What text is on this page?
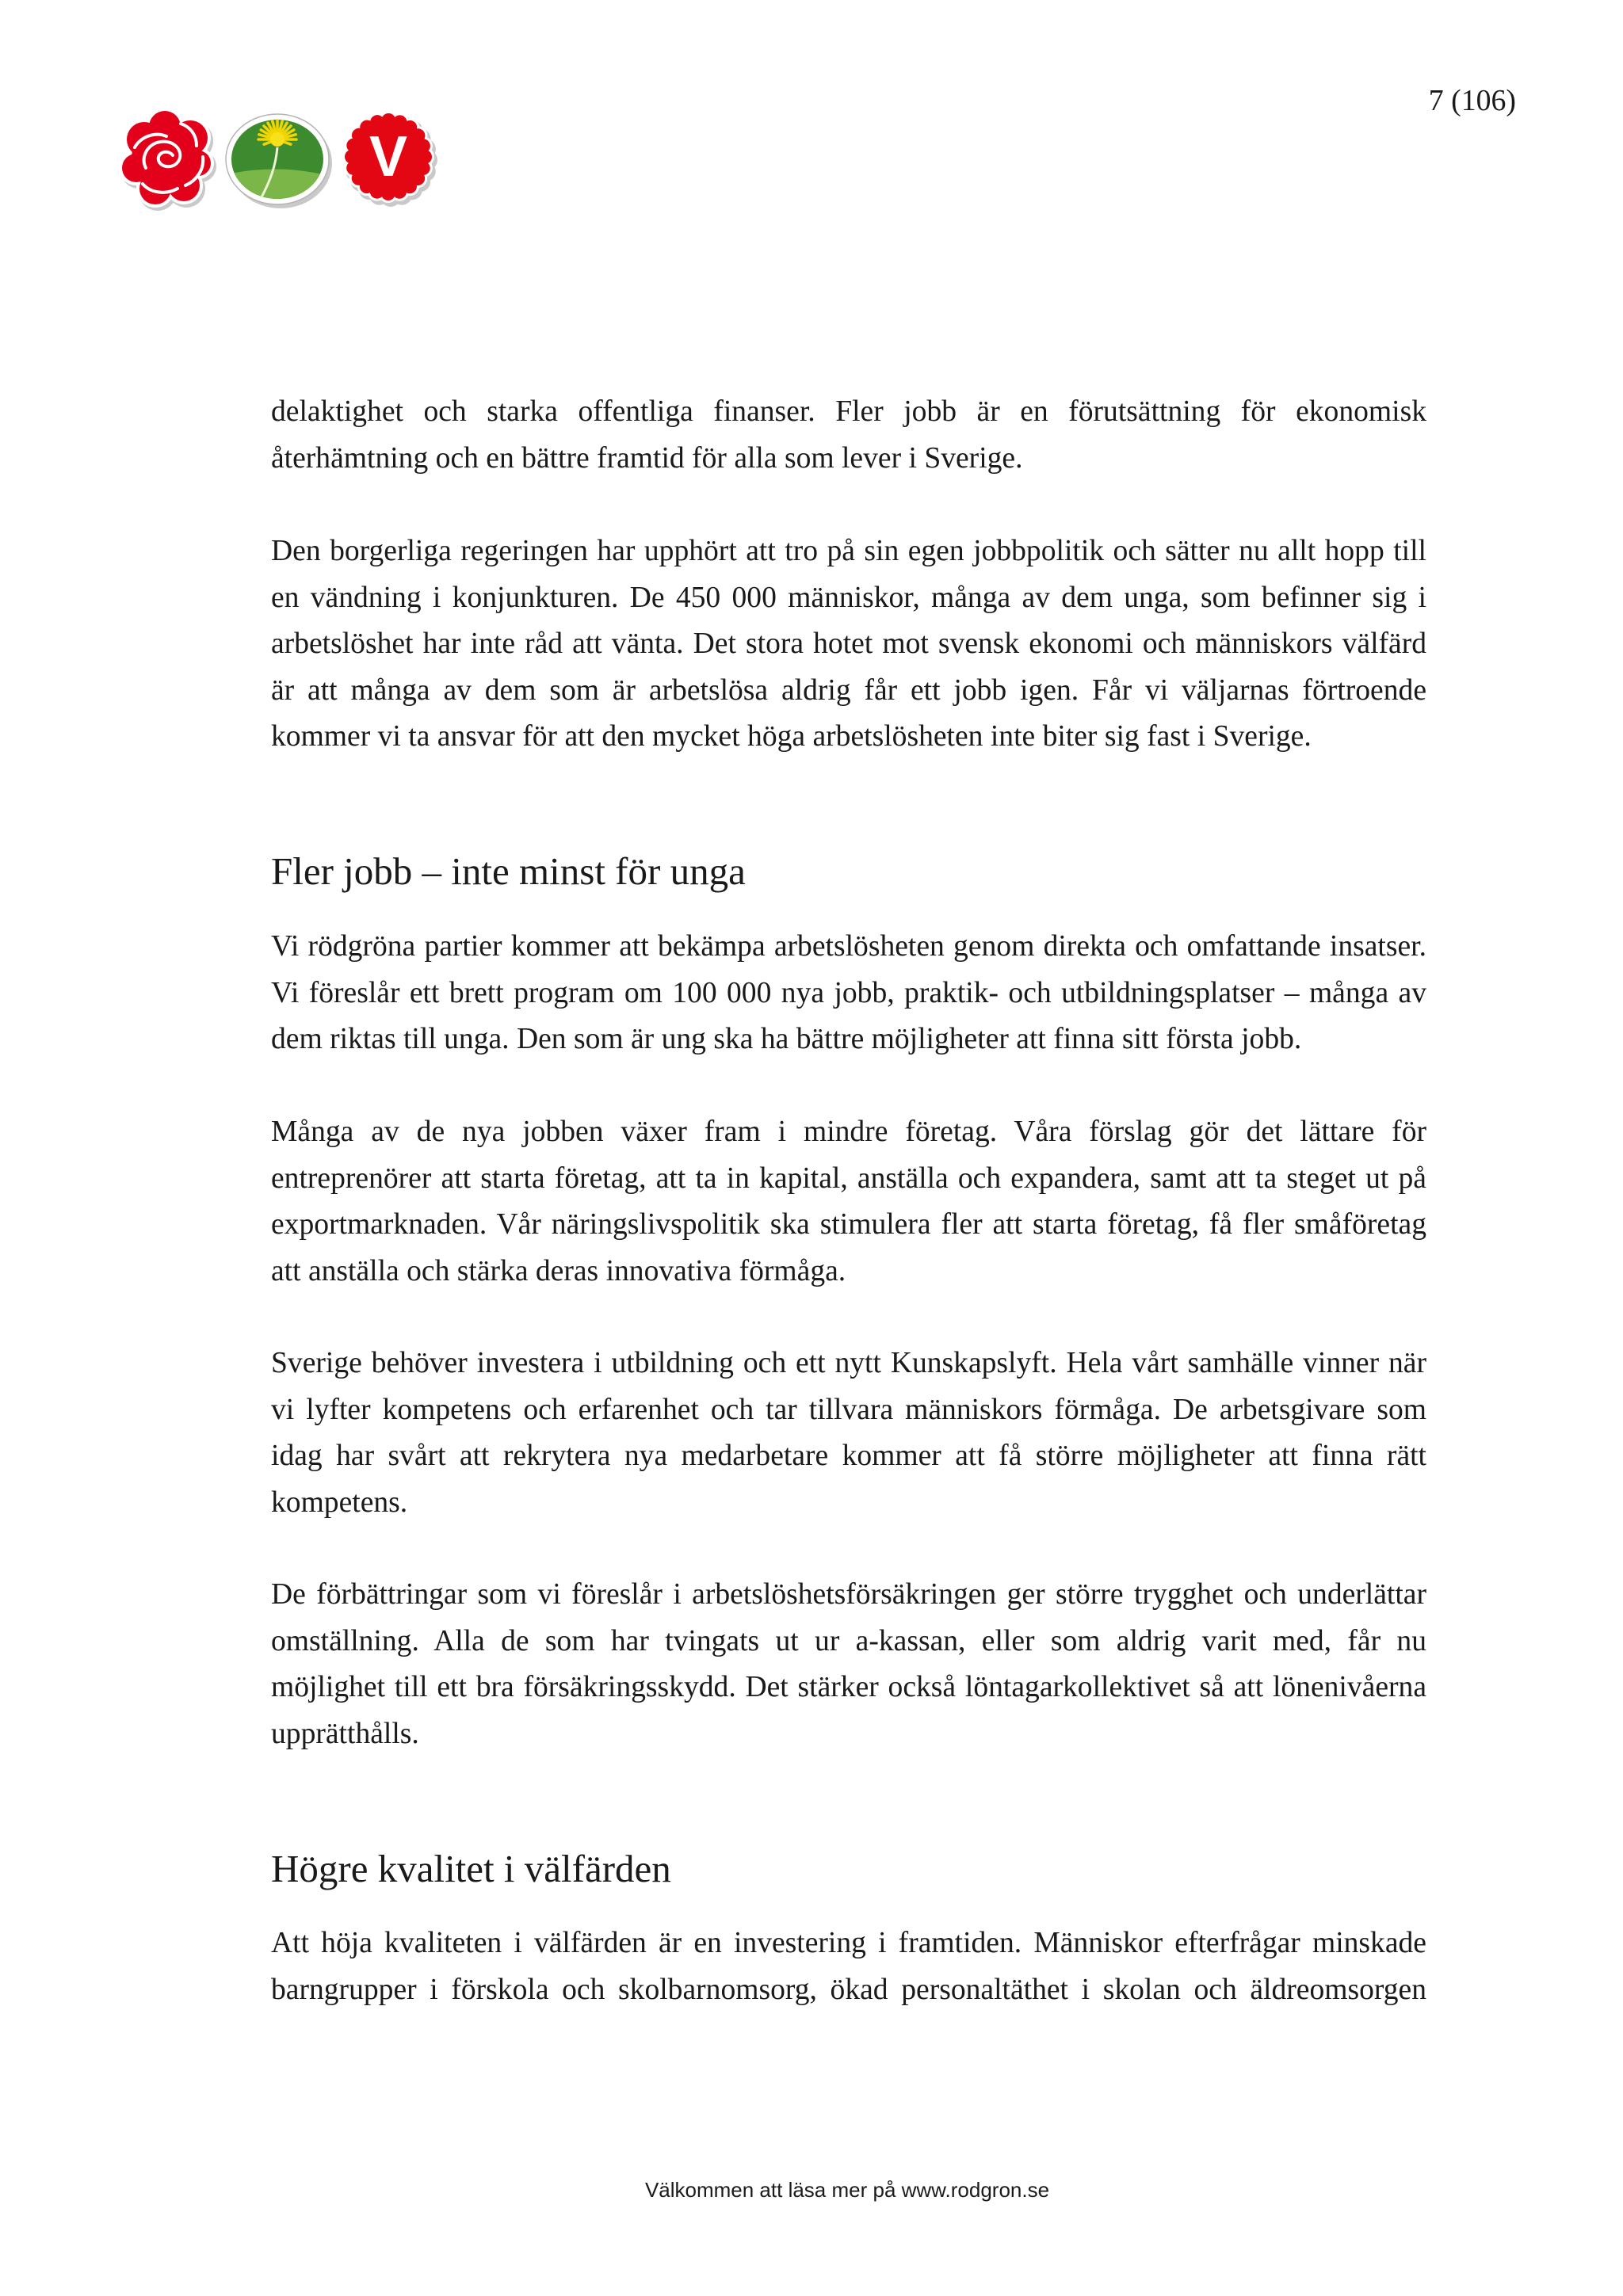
V
7 (106)
delaktighet och starka offentliga finanser. Fler jobb är en förutsättning för ekonomisk
återhämtning och en bättre framtid för alla som lever i Sverige.
Den borgerliga regeringen har upphört att tro på sin egen jobbpolitik och sätter nu allt hopp till
en vändning i konjunkturen. De 450 000 människor, många av dem unga, som befinner sig i
arbetslöshet har inte råd att vänta. Det stora hotet mot svensk ekonomi och människors välfärd
är att många av dem som är arbetslösa aldrig får ett jobb igen. Får vi väljarnas förtroende
kommer vi ta ansvar för att den mycket höga arbetslösheten inte biter sig fast i Sverige.
Fler jobb – inte minst för unga
Vi rödgröna partier kommer att bekämpa arbetslösheten genom direkta och omfattande insatser.
Vi föreslår ett brett program om 100 000 nya jobb, praktik- och utbildningsplatser – många av
dem riktas till unga. Den som är ung ska ha bättre möjligheter att finna sitt första jobb.
Många av de nya jobben växer fram i mindre företag. Våra förslag gör det lättare för
entreprenörer att starta företag, att ta in kapital, anställa och expandera, samt att ta steget ut på
exportmarknaden. Vår näringslivspolitik ska stimulera fler att starta företag, få fler småföretag
att anställa och stärka deras innovativa förmåga.
Sverige behöver investera i utbildning och ett nytt Kunskapslyft. Hela vårt samhälle vinner när
vi lyfter kompetens och erfarenhet och tar tillvara människors förmåga. De arbetsgivare som
idag har svårt att rekrytera nya medarbetare kommer att få större möjligheter att finna rätt
kompetens.
De förbättringar som vi föreslår i arbetslöshetsförsäkringen ger större trygghet och underlättar
omställning. Alla de som har tvingats ut ur a-kassan, eller som aldrig varit med, får nu
möjlighet till ett bra försäkringsskydd. Det stärker också löntagarkollektivet så att lönenivåerna
upprätthålls.
Högre kvalitet i välfärden
Att höja kvaliteten i välfärden är en investering i framtiden. Människor efterfrågar minskade
barngrupper i förskola och skolbarnomsorg, ökad personaltäthet i skolan och äldreomsorgen
Välkommen att läsa mer på www.rodgron.se
